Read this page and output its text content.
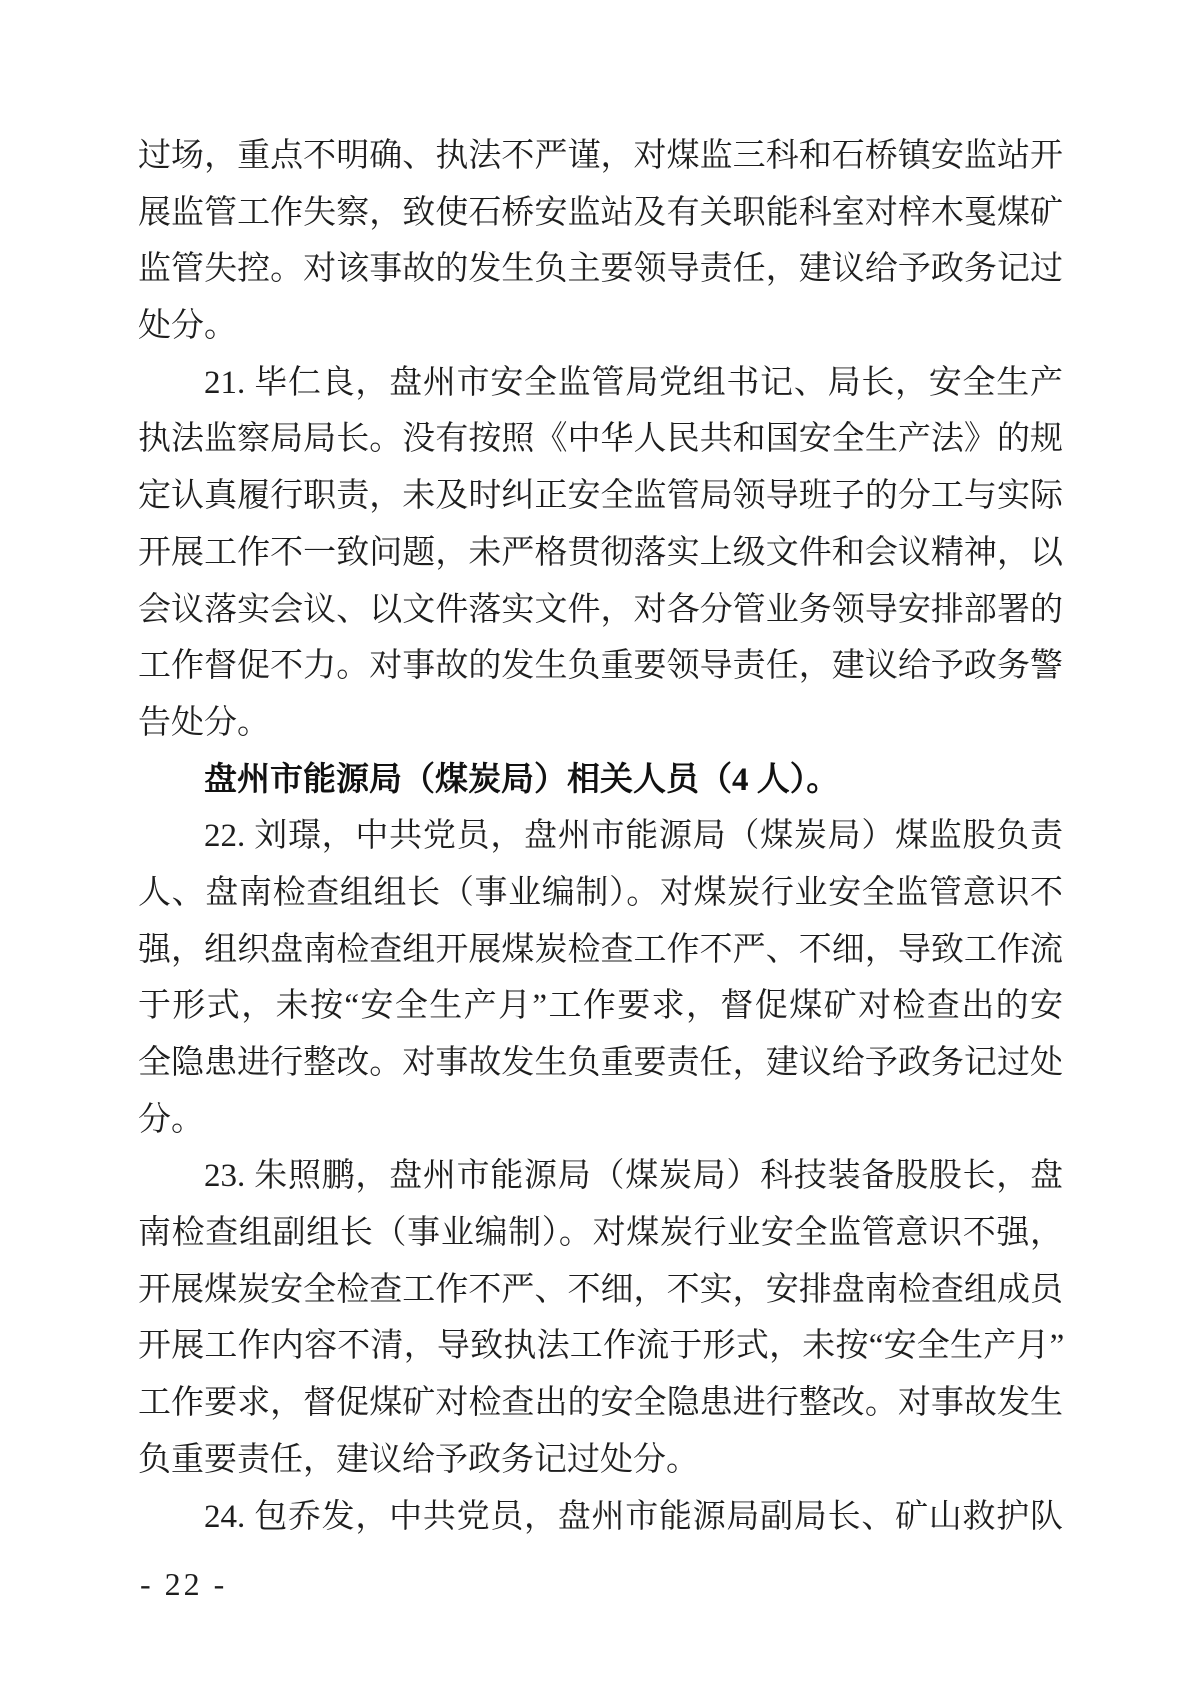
过场，重点不明确、执法不严谨，对煤监三科和石桥镇安监站开
展监管工作失察，致使石桥安监站及有关职能科室对梓木戛煤矿
监管失控。对该事故的发生负主要领导责任，建议给予政务记过
处分。
21. 毕仁良，盘州市安全监管局党组书记、局长，安全生产
执法监察局局长。没有按照《中华人民共和国安全生产法》的规
定认真履行职责，未及时纠正安全监管局领导班子的分工与实际
开展工作不一致问题，未严格贯彻落实上级文件和会议精神，以
会议落实会议、以文件落实文件，对各分管业务领导安排部署的
工作督促不力。对事故的发生负重要领导责任，建议给予政务警
告处分。
盘州市能源局（煤炭局）相关人员（4 人）。
22. 刘璟，中共党员，盘州市能源局（煤炭局）煤监股负责
人、盘南检查组组长（事业编制）。对煤炭行业安全监管意识不
强，组织盘南检查组开展煤炭检查工作不严、不细，导致工作流
于形式，未按“安全生产月”工作要求，督促煤矿对检查出的安
全隐患进行整改。对事故发生负重要责任，建议给予政务记过处
分。
23. 朱照鹏，盘州市能源局（煤炭局）科技装备股股长，盘
南检查组副组长（事业编制）。对煤炭行业安全监管意识不强，
开展煤炭安全检查工作不严、不细，不实，安排盘南检查组成员
开展工作内容不清，导致执法工作流于形式，未按“安全生产月”
工作要求，督促煤矿对检查出的安全隐患进行整改。对事故发生
负重要责任，建议给予政务记过处分。
24. 包乔发，中共党员，盘州市能源局副局长、矿山救护队
- 22 -
